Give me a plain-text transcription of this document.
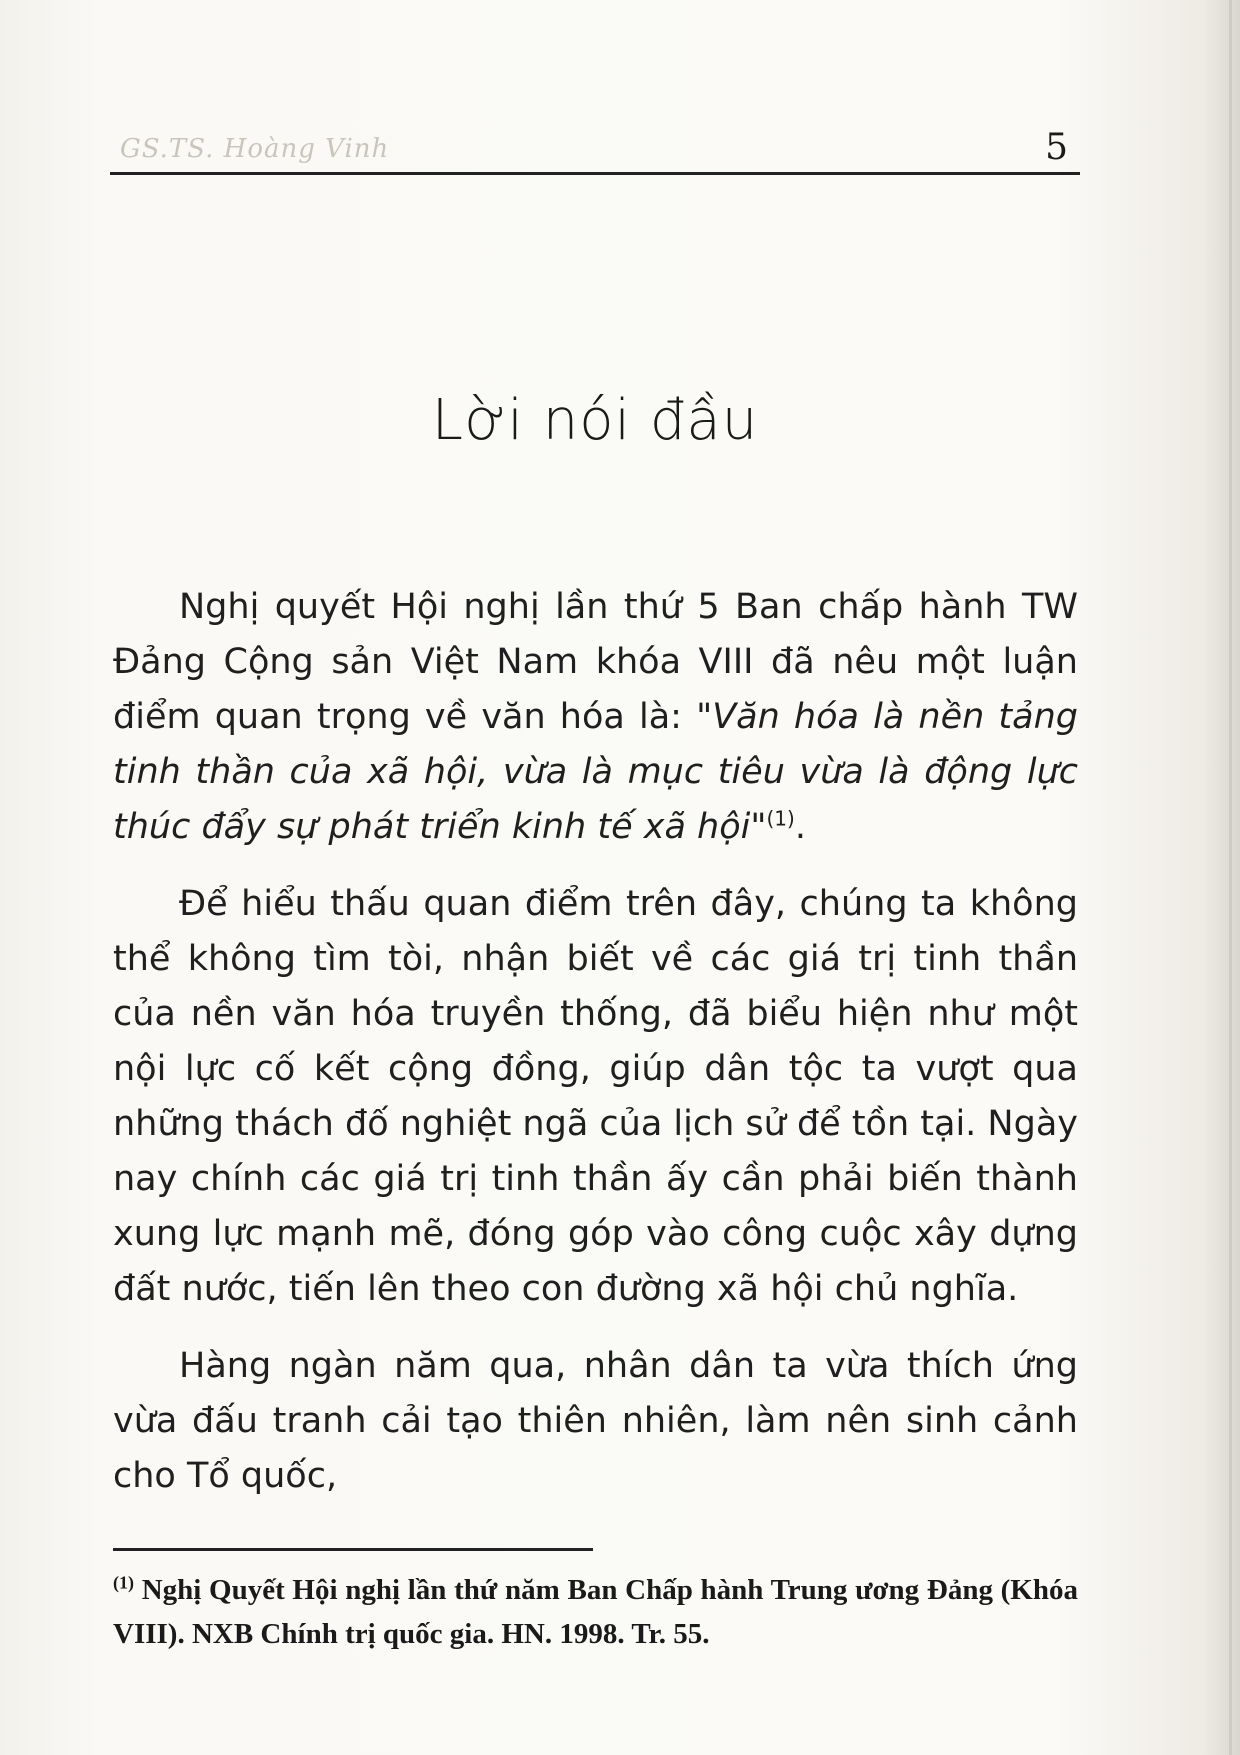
GS.TS. Hoàng Vinh	5
Lời nói đầu

Nghị quyết Hội nghị lần thứ 5 Ban chấp hành TW Đảng Cộng sản Việt Nam khóa VIII đã nêu một luận điểm quan trọng về văn hóa là: "Văn hóa là nền tảng tinh thần của xã hội, vừa là mục tiêu vừa là động lực thúc đẩy sự phát triển kinh tế xã hội"$^{(1)}$.

Để hiểu thấu quan điểm trên đây, chúng ta không thể không tìm tòi, nhận biết về các giá trị tinh thần của nền văn hóa truyền thống, đã biểu hiện như một nội lực cố kết cộng đồng, giúp dân tộc ta vượt qua những thách đố nghiệt ngã của lịch sử để tồn tại. Ngày nay chính các giá trị tinh thần ấy cần phải biến thành xung lực mạnh mẽ, đóng góp vào công cuộc xây dựng đất nước, tiến lên theo con đường xã hội chủ nghĩa.

Hàng ngàn năm qua, nhân dân ta vừa thích ứng vừa đấu tranh cải tạo thiên nhiên, làm nên sinh cảnh cho Tổ quốc,

$^{(1)}$ Nghị Quyết Hội nghị lần thứ năm Ban Chấp hành Trung ương Đảng (Khóa VIII). NXB Chính trị quốc gia. HN. 1998. Tr. 55.
